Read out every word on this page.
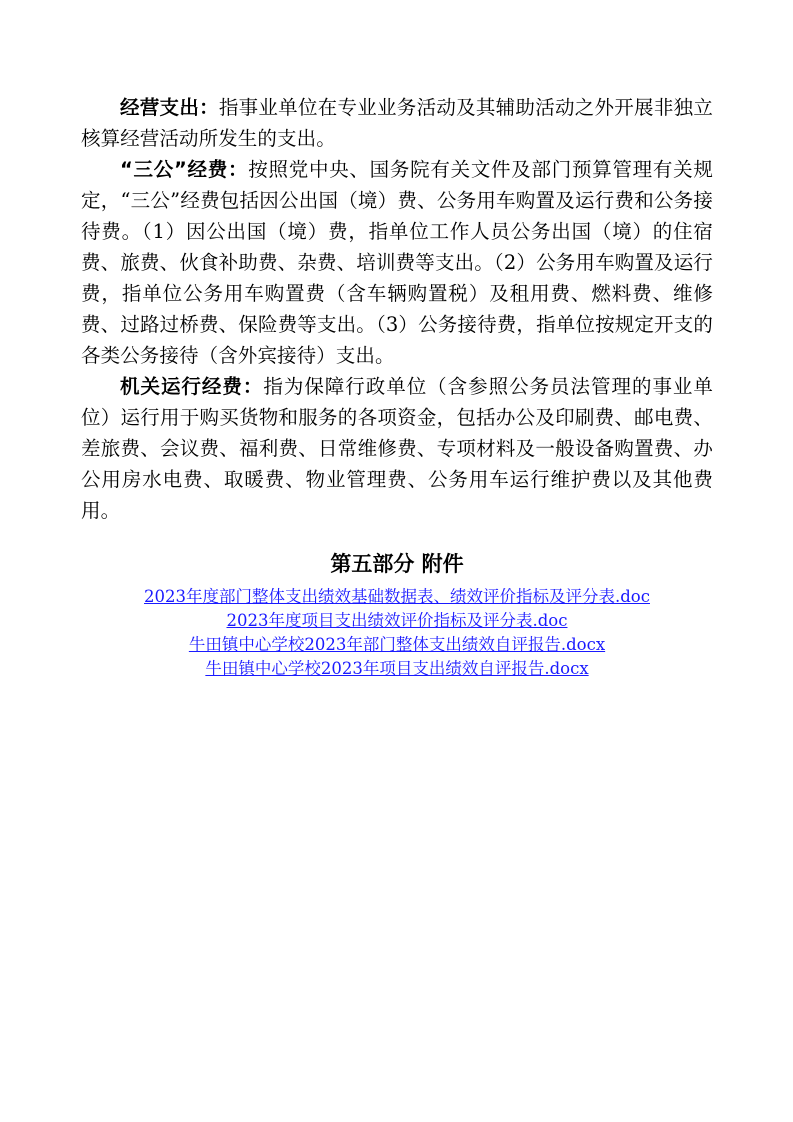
经营支出：指事业单位在专业业务活动及其辅助活动之外开展非独立核算经营活动所发生的支出。

“三公”经费：按照党中央、国务院有关文件及部门预算管理有关规定，“三公”经费包括因公出国（境）费、公务用车购置及运行费和公务接待费。（1）因公出国（境）费，指单位工作人员公务出国（境）的住宿费、旅费、伙食补助费、杂费、培训费等支出。（2）公务用车购置及运行费，指单位公务用车购置费（含车辆购置税）及租用费、燃料费、维修费、过路过桥费、保险费等支出。（3）公务接待费，指单位按规定开支的各类公务接待（含外宾接待）支出。

机关运行经费：指为保障行政单位（含参照公务员法管理的事业单位）运行用于购买货物和服务的各项资金，包括办公及印刷费、邮电费、差旅费、会议费、福利费、日常维修费、专项材料及一般设备购置费、办公用房水电费、取暖费、物业管理费、公务用车运行维护费以及其他费用。

第五部分 附件
2023年度部门整体支出绩效基础数据表、绩效评价指标及评分表.doc
2023年度项目支出绩效评价指标及评分表.doc
牛田镇中心学校2023年部门整体支出绩效自评报告.docx
牛田镇中心学校2023年项目支出绩效自评报告.docx
